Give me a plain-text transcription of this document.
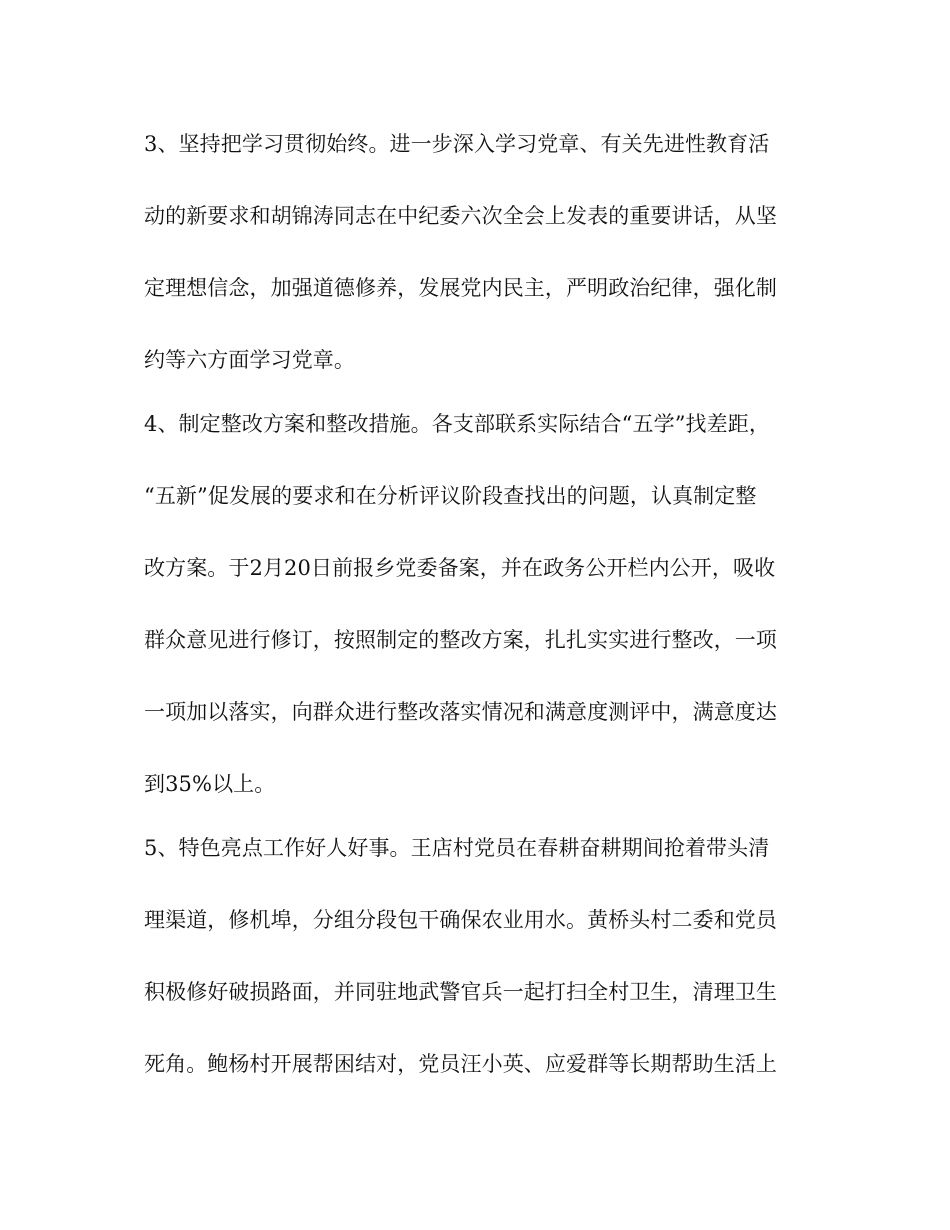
3、坚持把学习贯彻始终。进一步深入学习党章、有关先进性教育活
动的新要求和胡锦涛同志在中纪委六次全会上发表的重要讲话，从坚
定理想信念，加强道德修养，发展党内民主，严明政治纪律，强化制
约等六方面学习党章。
4、制定整改方案和整改措施。各支部联系实际结合“五学”找差距，
“五新”促发展的要求和在分析评议阶段查找出的问题，认真制定整
改方案。于2月20日前报乡党委备案，并在政务公开栏内公开，吸收
群众意见进行修订，按照制定的整改方案，扎扎实实进行整改，一项
一项加以落实，向群众进行整改落实情况和满意度测评中，满意度达
到35%以上。
5、特色亮点工作好人好事。王店村党员在春耕奋耕期间抢着带头清
理渠道，修机埠，分组分段包干确保农业用水。黄桥头村二委和党员
积极修好破损路面，并同驻地武警官兵一起打扫全村卫生，清理卫生
死角。鲍杨村开展帮困结对，党员汪小英、应爱群等长期帮助生活上
